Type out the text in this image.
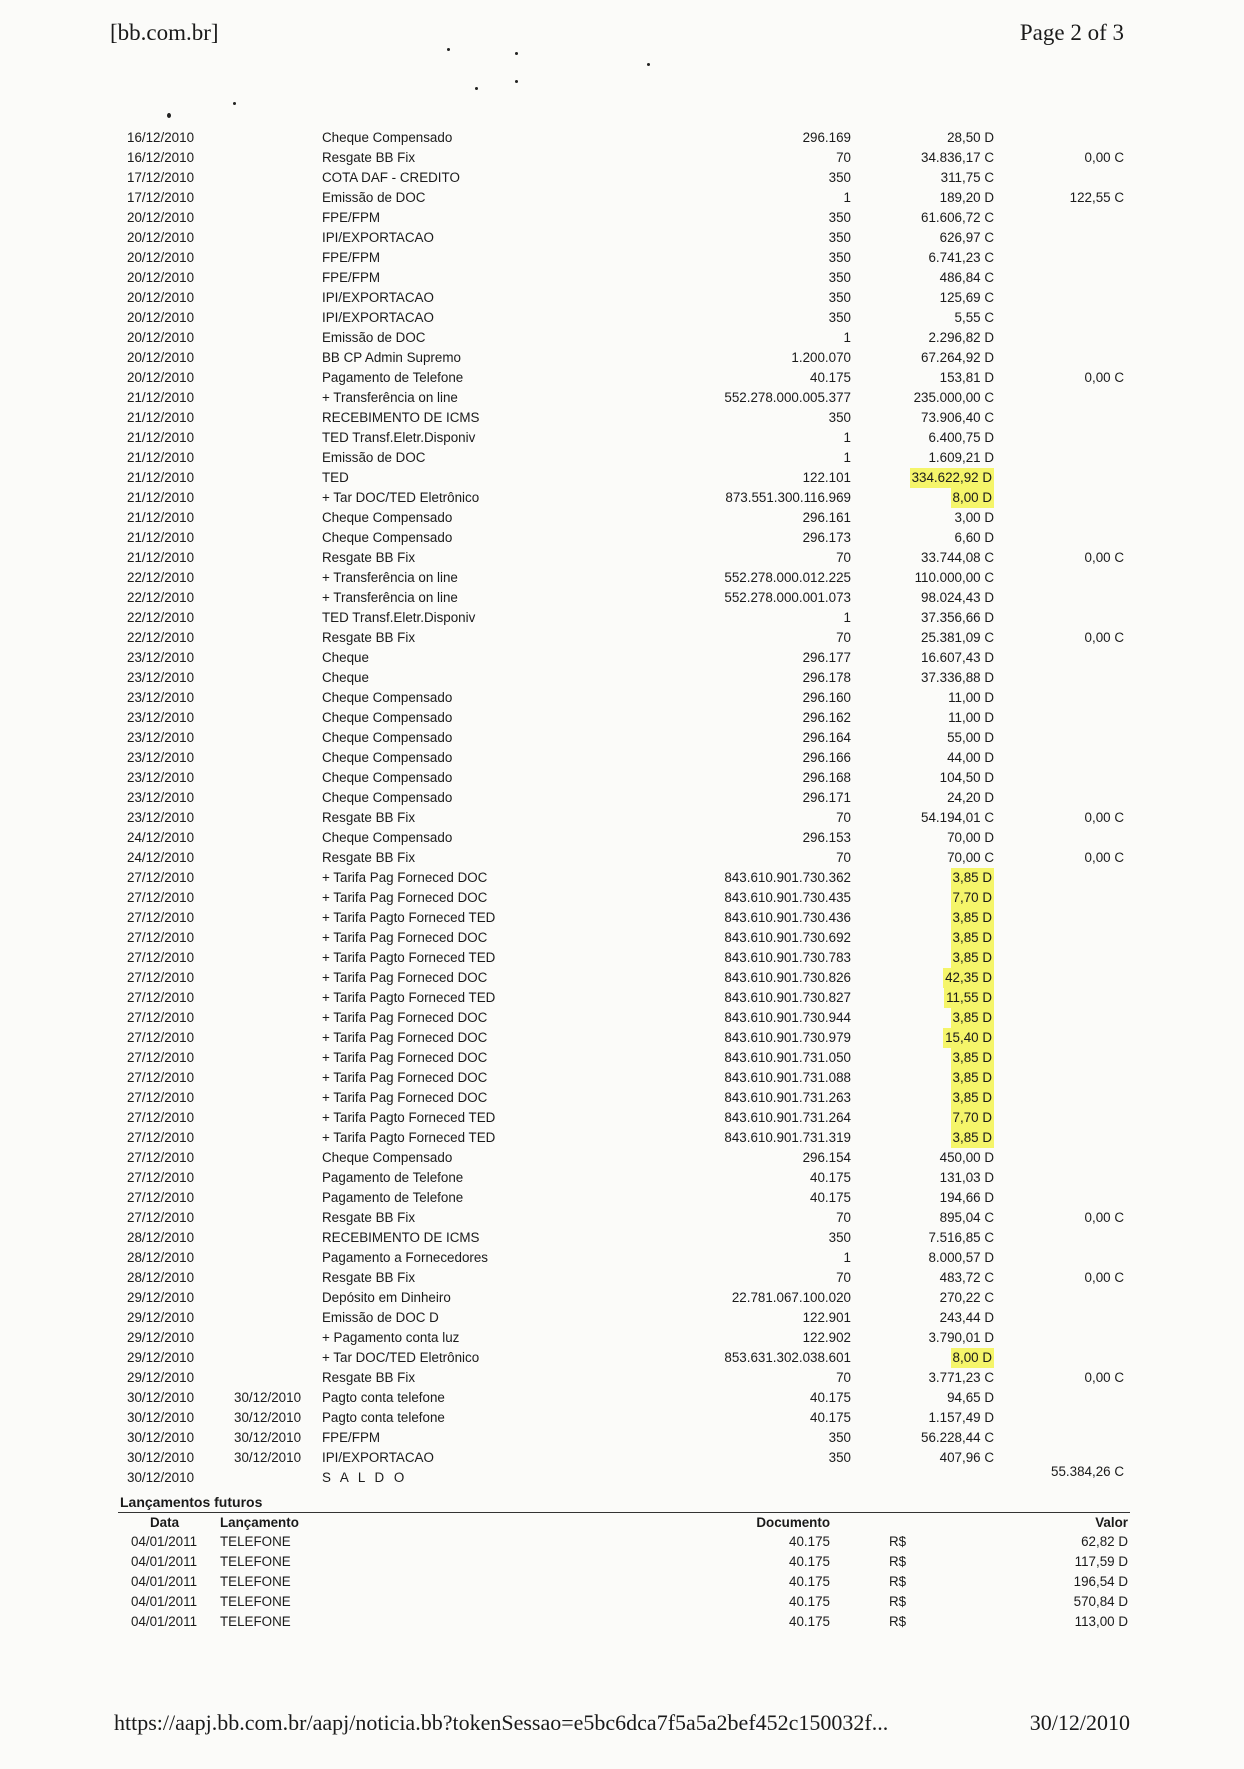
[bb.com.br]	Page 2 of 3
16/12/2010	Cheque Compensado	296.169	28,50 D
16/12/2010	Resgate BB Fix	70	34.836,17 C	0,00 C
17/12/2010	COTA DAF - CREDITO	350	311,75 C
17/12/2010	Emissão de DOC	1	189,20 D	122,55 C
20/12/2010	FPE/FPM	350	61.606,72 C
20/12/2010	IPI/EXPORTACAO	350	626,97 C
20/12/2010	FPE/FPM	350	6.741,23 C
20/12/2010	FPE/FPM	350	486,84 C
20/12/2010	IPI/EXPORTACAO	350	125,69 C
20/12/2010	IPI/EXPORTACAO	350	5,55 C
20/12/2010	Emissão de DOC	1	2.296,82 D
20/12/2010	BB CP Admin Supremo	1.200.070	67.264,92 D
20/12/2010	Pagamento de Telefone	40.175	153,81 D	0,00 C
21/12/2010	+ Transferência on line	552.278.000.005.377	235.000,00 C
21/12/2010	RECEBIMENTO DE ICMS	350	73.906,40 C
21/12/2010	TED Transf.Eletr.Disponiv	1	6.400,75 D
21/12/2010	Emissão de DOC	1	1.609,21 D
21/12/2010	TED	122.101	334.622,92 D
21/12/2010	+ Tar DOC/TED Eletrônico	873.551.300.116.969	8,00 D
21/12/2010	Cheque Compensado	296.161	3,00 D
21/12/2010	Cheque Compensado	296.173	6,60 D
21/12/2010	Resgate BB Fix	70	33.744,08 C	0,00 C
22/12/2010	+ Transferência on line	552.278.000.012.225	110.000,00 C
22/12/2010	+ Transferência on line	552.278.000.001.073	98.024,43 D
22/12/2010	TED Transf.Eletr.Disponiv	1	37.356,66 D
22/12/2010	Resgate BB Fix	70	25.381,09 C	0,00 C
23/12/2010	Cheque	296.177	16.607,43 D
23/12/2010	Cheque	296.178	37.336,88 D
23/12/2010	Cheque Compensado	296.160	11,00 D
23/12/2010	Cheque Compensado	296.162	11,00 D
23/12/2010	Cheque Compensado	296.164	55,00 D
23/12/2010	Cheque Compensado	296.166	44,00 D
23/12/2010	Cheque Compensado	296.168	104,50 D
23/12/2010	Cheque Compensado	296.171	24,20 D
23/12/2010	Resgate BB Fix	70	54.194,01 C	0,00 C
24/12/2010	Cheque Compensado	296.153	70,00 D
24/12/2010	Resgate BB Fix	70	70,00 C	0,00 C
27/12/2010	+ Tarifa Pag Forneced DOC	843.610.901.730.362	3,85 D
27/12/2010	+ Tarifa Pag Forneced DOC	843.610.901.730.435	7,70 D
27/12/2010	+ Tarifa Pagto Forneced TED	843.610.901.730.436	3,85 D
27/12/2010	+ Tarifa Pag Forneced DOC	843.610.901.730.692	3,85 D
27/12/2010	+ Tarifa Pagto Forneced TED	843.610.901.730.783	3,85 D
27/12/2010	+ Tarifa Pag Forneced DOC	843.610.901.730.826	42,35 D
27/12/2010	+ Tarifa Pagto Forneced TED	843.610.901.730.827	11,55 D
27/12/2010	+ Tarifa Pag Forneced DOC	843.610.901.730.944	3,85 D
27/12/2010	+ Tarifa Pag Forneced DOC	843.610.901.730.979	15,40 D
27/12/2010	+ Tarifa Pag Forneced DOC	843.610.901.731.050	3,85 D
27/12/2010	+ Tarifa Pag Forneced DOC	843.610.901.731.088	3,85 D
27/12/2010	+ Tarifa Pag Forneced DOC	843.610.901.731.263	3,85 D
27/12/2010	+ Tarifa Pagto Forneced TED	843.610.901.731.264	7,70 D
27/12/2010	+ Tarifa Pagto Forneced TED	843.610.901.731.319	3,85 D
27/12/2010	Cheque Compensado	296.154	450,00 D
27/12/2010	Pagamento de Telefone	40.175	131,03 D
27/12/2010	Pagamento de Telefone	40.175	194,66 D
27/12/2010	Resgate BB Fix	70	895,04 C	0,00 C
28/12/2010	RECEBIMENTO DE ICMS	350	7.516,85 C
28/12/2010	Pagamento a Fornecedores	1	8.000,57 D
28/12/2010	Resgate BB Fix	70	483,72 C	0,00 C
29/12/2010	Depósito em Dinheiro	22.781.067.100.020	270,22 C
29/12/2010	Emissão de DOC D	122.901	243,44 D
29/12/2010	+ Pagamento conta luz	122.902	3.790,01 D
29/12/2010	+ Tar DOC/TED Eletrônico	853.631.302.038.601	8,00 D
29/12/2010	Resgate BB Fix	70	3.771,23 C	0,00 C
30/12/2010	30/12/2010 Pagto conta telefone	40.175	94,65 D
30/12/2010	30/12/2010 Pagto conta telefone	40.175	1.157,49 D
30/12/2010	30/12/2010 FPE/FPM	350	56.228,44 C
30/12/2010	30/12/2010 IPI/EXPORTACAO	350	407,96 C
30/12/2010	S A L D O	55.384,26 C
Lançamentos futuros
Data	Lançamento	Documento	Valor
04/01/2011 TELEFONE	40.175	R$	62,82 D
04/01/2011 TELEFONE	40.175	R$	117,59 D
04/01/2011 TELEFONE	40.175	R$	196,54 D
04/01/2011 TELEFONE	40.175	R$	570,84 D
04/01/2011 TELEFONE	40.175	R$	113,00 D
https://aapj.bb.com.br/aapj/noticia.bb?tokenSessao=e5bc6dca7f5a5a2bef452c150032f...	30/12/2010
